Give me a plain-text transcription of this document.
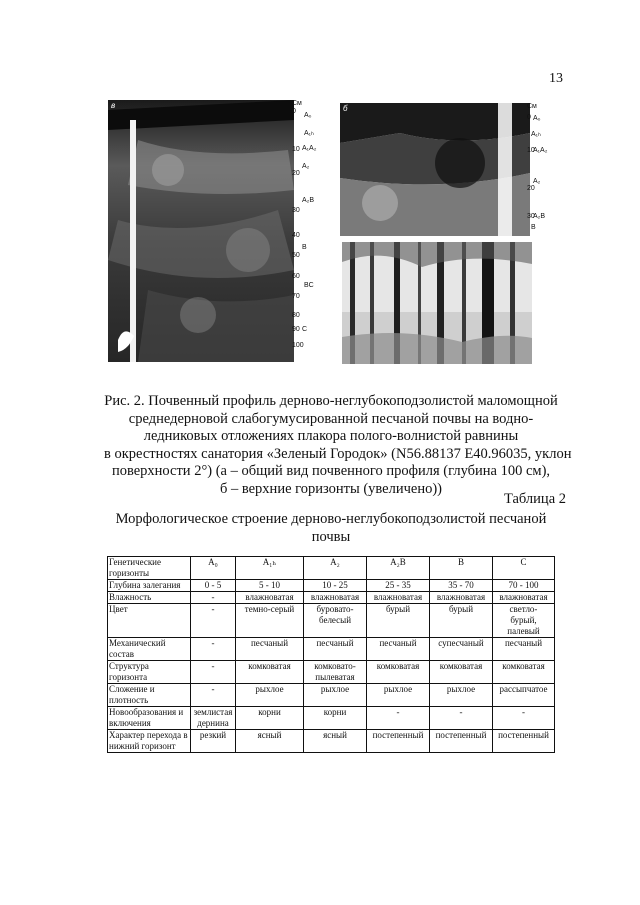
13
в	См
0
10
20
30
40
50
60
70
80
90
100
A₀
A₁ₕ
A₁A₂
A₂
A₂B
B
BC
C
б	См
0
10
20
30
A₀
A₁ₕ
A₁A₂
A₂
A₂B
B
Рис. 2. Почвенный профиль дерново-неглубокоподзолистой маломощной
среднедерновой слабогумусированной песчаной почвы на водно-
ледниковых отложениях плакора полого-волнистой равнины
в окрестностях санатория «Зеленый Городок» (N56.88137 E40.96035, уклон
поверхности 2°) (а – общий вид почвенного профиля (глубина 100 см),
б – верхние горизонты (увеличено))
Таблица 2
Морфологическое строение дерново-неглубокоподзолистой песчаной почвы
Генетические горизонты	A₀	A₁ₕ	A₂	A₂B	B	C
Глубина залегания	0 - 5	5 - 10	10 - 25	25 - 35	35 - 70	70 - 100
Влажность	-	влажноватая	влажноватая	влажноватая	влажноватая	влажноватая
Цвет	-	темно-серый	буровато-
белесый	бурый	бурый	светло-
бурый,
палевый
Механический состав	-	песчаный	песчаный	песчаный	супесчаный	песчаный
Структура горизонта	-	комковатая	комковато-
пылеватая	комковатая	комковатая	комковатая
Сложение и плотность	-	рыхлое	рыхлое	рыхлое	рыхлое	рассыпчатое
Новообразования и включения	землистая
дернина	корни	корни	-	-	-
Характер перехода в нижний горизонт	резкий	ясный	ясный	постепенный	постепенный	постепенный
